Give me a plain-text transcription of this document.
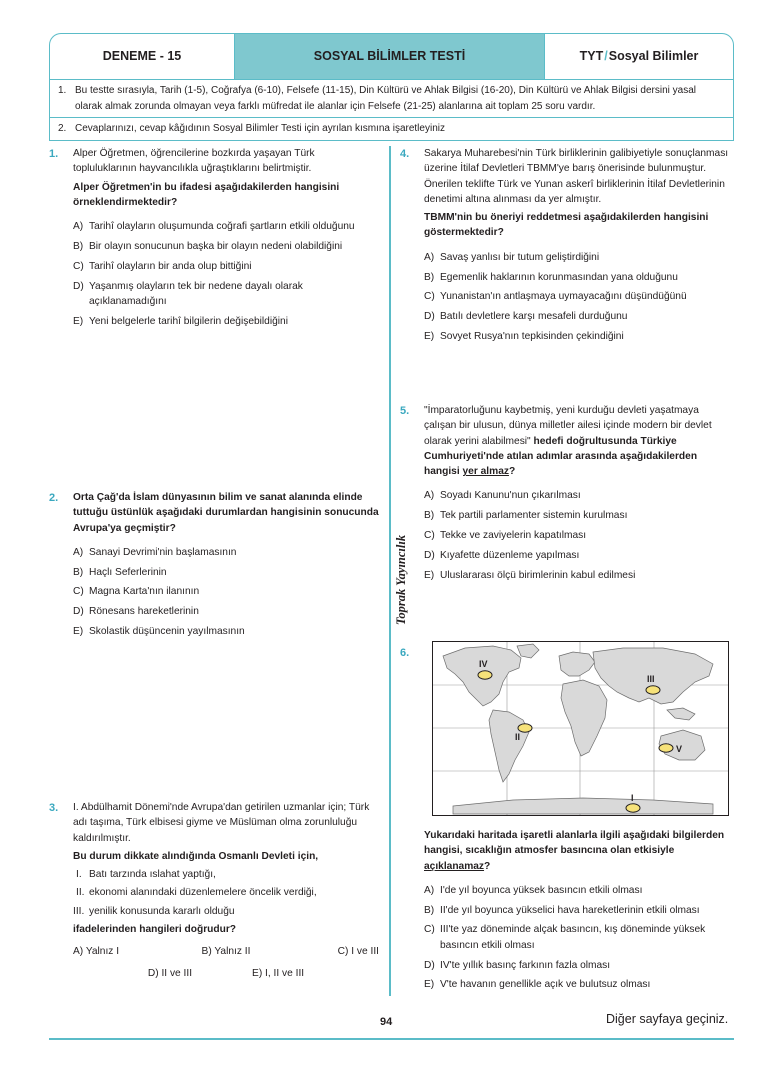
DENEME - 15	SOSYAL BİLİMLER TESTİ	TYT / Sosyal Bilimler
1. Bu testte sırasıyla, Tarih (1-5), Coğrafya (6-10), Felsefe (11-15), Din Kültürü ve Ahlak Bilgisi (16-20), Din Kültürü ve Ahlak Bilgisi dersini yasal olarak almak zorunda olmayan veya farklı müfredat ile alanlar için Felsefe (21-25) alanlarına ait toplam 25 soru vardır.
2. Cevaplarınızı, cevap kâğıdının Sosyal Bilimler Testi için ayrılan kısmına işaretleyiniz
Toprak Yayıncılık
1. Alper Öğretmen, öğrencilerine bozkırda yaşayan Türk topluluklarının hayvancılıkla uğraştıklarını belirtmiştir.
Alper Öğretmen'in bu ifadesi aşağıdakilerden hangisini örneklendirmektedir?
A) Tarihî olayların oluşumunda coğrafi şartların etkili olduğunu
B) Bir olayın sonucunun başka bir olayın nedeni olabildiğini
C) Tarihî olayların bir anda olup bittiğini
D) Yaşanmış olayların tek bir nedene dayalı olarak açıklanamadığını
E) Yeni belgelerle tarihî bilgilerin değişebildiğini
2. Orta Çağ'da İslam dünyasının bilim ve sanat alanında elinde tuttuğu üstünlük aşağıdaki durumlardan hangisinin sonucunda Avrupa'ya geçmiştir?
A) Sanayi Devrimi'nin başlamasının
B) Haçlı Seferlerinin
C) Magna Karta'nın ilanının
D) Rönesans hareketlerinin
E) Skolastik düşüncenin yayılmasının
3. I. Abdülhamit Dönemi'nde Avrupa'dan getirilen uzmanlar için; Türk adı taşıma, Türk elbisesi giyme ve Müslüman olma zorunluluğu kaldırılmıştır.
Bu durum dikkate alındığında Osmanlı Devleti için,
I. Batı tarzında ıslahat yaptığı,
II. ekonomi alanındaki düzenlemelere öncelik verdiği,
III. yenilik konusunda kararlı olduğu
ifadelerinden hangileri doğrudur?
A) Yalnız I	B) Yalnız II	C) I ve III
D) II ve III	E) I, II ve III
4. Sakarya Muharebesi'nin Türk birliklerinin galibiyetiyle sonuçlanması üzerine İtilaf Devletleri TBMM'ye barış önerisinde bulunmuştur. Önerilen teklifte Türk ve Yunan askerî birliklerinin İtilaf Devletlerinin denetimi altına alınması da yer almıştır.
TBMM'nin bu öneriyi reddetmesi aşağıdakilerden hangisini göstermektedir?
A) Savaş yanlısı bir tutum geliştirdiğini
B) Egemenlik haklarının korunmasından yana olduğunu
C) Yunanistan'ın antlaşmaya uymayacağını düşündüğünü
D) Batılı devletlere karşı mesafeli durduğunu
E) Sovyet Rusya'nın tepkisinden çekindiğini
5. "İmparatorluğunu kaybetmiş, yeni kurduğu devleti yaşatmaya çalışan bir ulusun, dünya milletler ailesi içinde modern bir devlet olarak yerini alabilmesi" hedefi doğrultusunda Türkiye Cumhuriyeti'nde atılan adımlar arasında aşağıdakilerden hangisi yer almaz?
A) Soyadı Kanunu'nun çıkarılması
B) Tek partili parlamenter sistemin kurulması
C) Tekke ve zaviyelerin kapatılması
D) Kıyafette düzenleme yapılması
E) Uluslararası ölçü birimlerinin kabul edilmesi
6.
IV
III
II
V
I
Yukarıdaki haritada işaretli alanlarla ilgili aşağıdaki bilgilerden hangisi, sıcaklığın atmosfer basıncına olan etkisiyle açıklanamaz?
A) I'de yıl boyunca yüksek basıncın etkili olması
B) II'de yıl boyunca yükselici hava hareketlerinin etkili olması
C) III'te yaz döneminde alçak basıncın, kış döneminde yüksek basıncın etkili olması
D) IV'te yıllık basınç farkının fazla olması
E) V'te havanın genellikle açık ve bulutsuz olması
94	Diğer sayfaya geçiniz.
